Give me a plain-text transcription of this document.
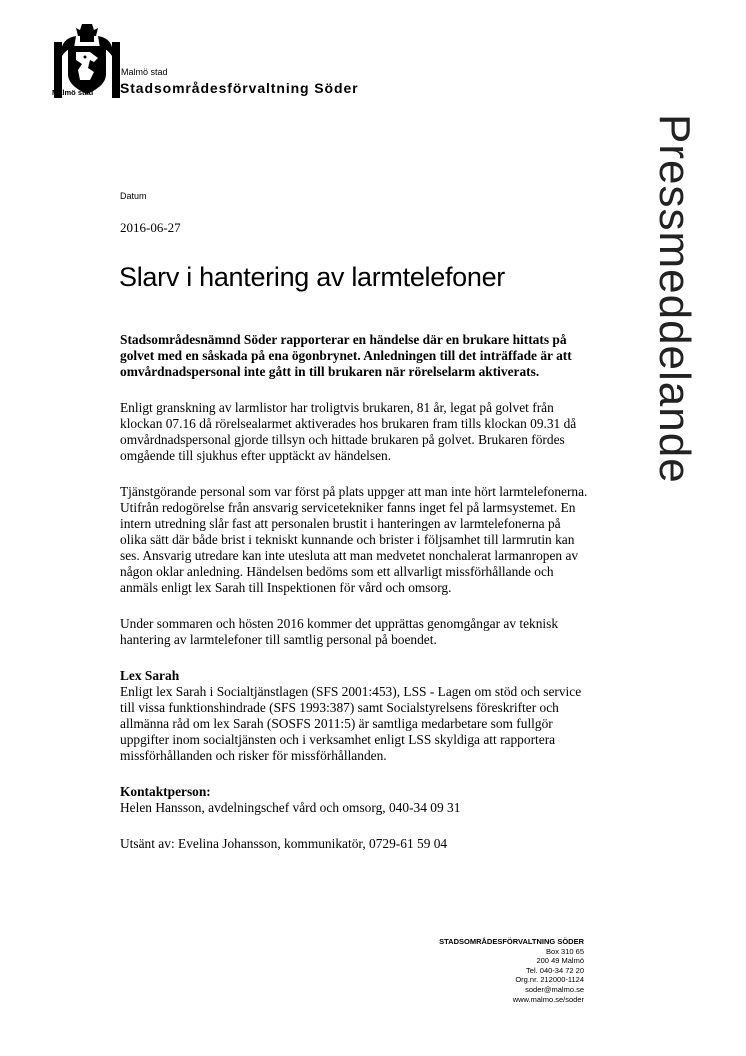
Malmö stad
Malmö stad
Stadsområdesförvaltning Söder
Pressmeddelande
Datum
2016-06-27
Slarv i hantering av larmtelefoner

Stadsområdesnämnd Söder rapporterar en händelse där en brukare hittats på golvet med en såskada på ena ögonbrynet. Anledningen till det inträffade är att omvårdnadspersonal inte gått in till brukaren när rörelselarm aktiverats.

Enligt granskning av larmlistor har troligtvis brukaren, 81 år, legat på golvet från klockan 07.16 då rörelsealarmet aktiverades hos brukaren fram tills klockan 09.31 då omvårdnadspersonal gjorde tillsyn och hittade brukaren på golvet. Brukaren fördes omgående till sjukhus efter upptäckt av händelsen.

Tjänstgörande personal som var först på plats uppger att man inte hört larmtelefonerna. Utifrån redogörelse från ansvarig servicetekniker fanns inget fel på larmsystemet. En intern utredning slår fast att personalen brustit i hanteringen av larmtelefonerna på olika sätt där både brist i tekniskt kunnande och brister i följsamhet till larmrutin kan ses. Ansvarig utredare kan inte utesluta att man medvetet nonchalerat larmanropen av någon oklar anledning. Händelsen bedöms som ett allvarligt missförhållande och anmäls enligt lex Sarah till Inspektionen för vård och omsorg.

Under sommaren och hösten 2016 kommer det upprättas genomgångar av teknisk hantering av larmtelefoner till samtlig personal på boendet.

Lex Sarah

Enligt lex Sarah i Socialtjänstlagen (SFS 2001:453), LSS - Lagen om stöd och service till vissa funktionshindrade (SFS 1993:387) samt Socialstyrelsens föreskrifter och allmänna råd om lex Sarah (SOSFS 2011:5) är samtliga medarbetare som fullgör uppgifter inom socialtjänsten och i verksamhet enligt LSS skyldiga att rapportera missförhållanden och risker för missförhållanden.

Kontaktperson:

Helen Hansson, avdelningschef vård och omsorg, 040-34 09 31

Utsänt av: Evelina Johansson, kommunikatör, 0729-61 59 04

STADSOMRÅDESFÖRVALTNING SÖDER
Box 310 65
200 49 Malmö
Tel. 040-34 72 20
Org.nr. 212000-1124
soder@malmo.se
www.malmo.se/soder
